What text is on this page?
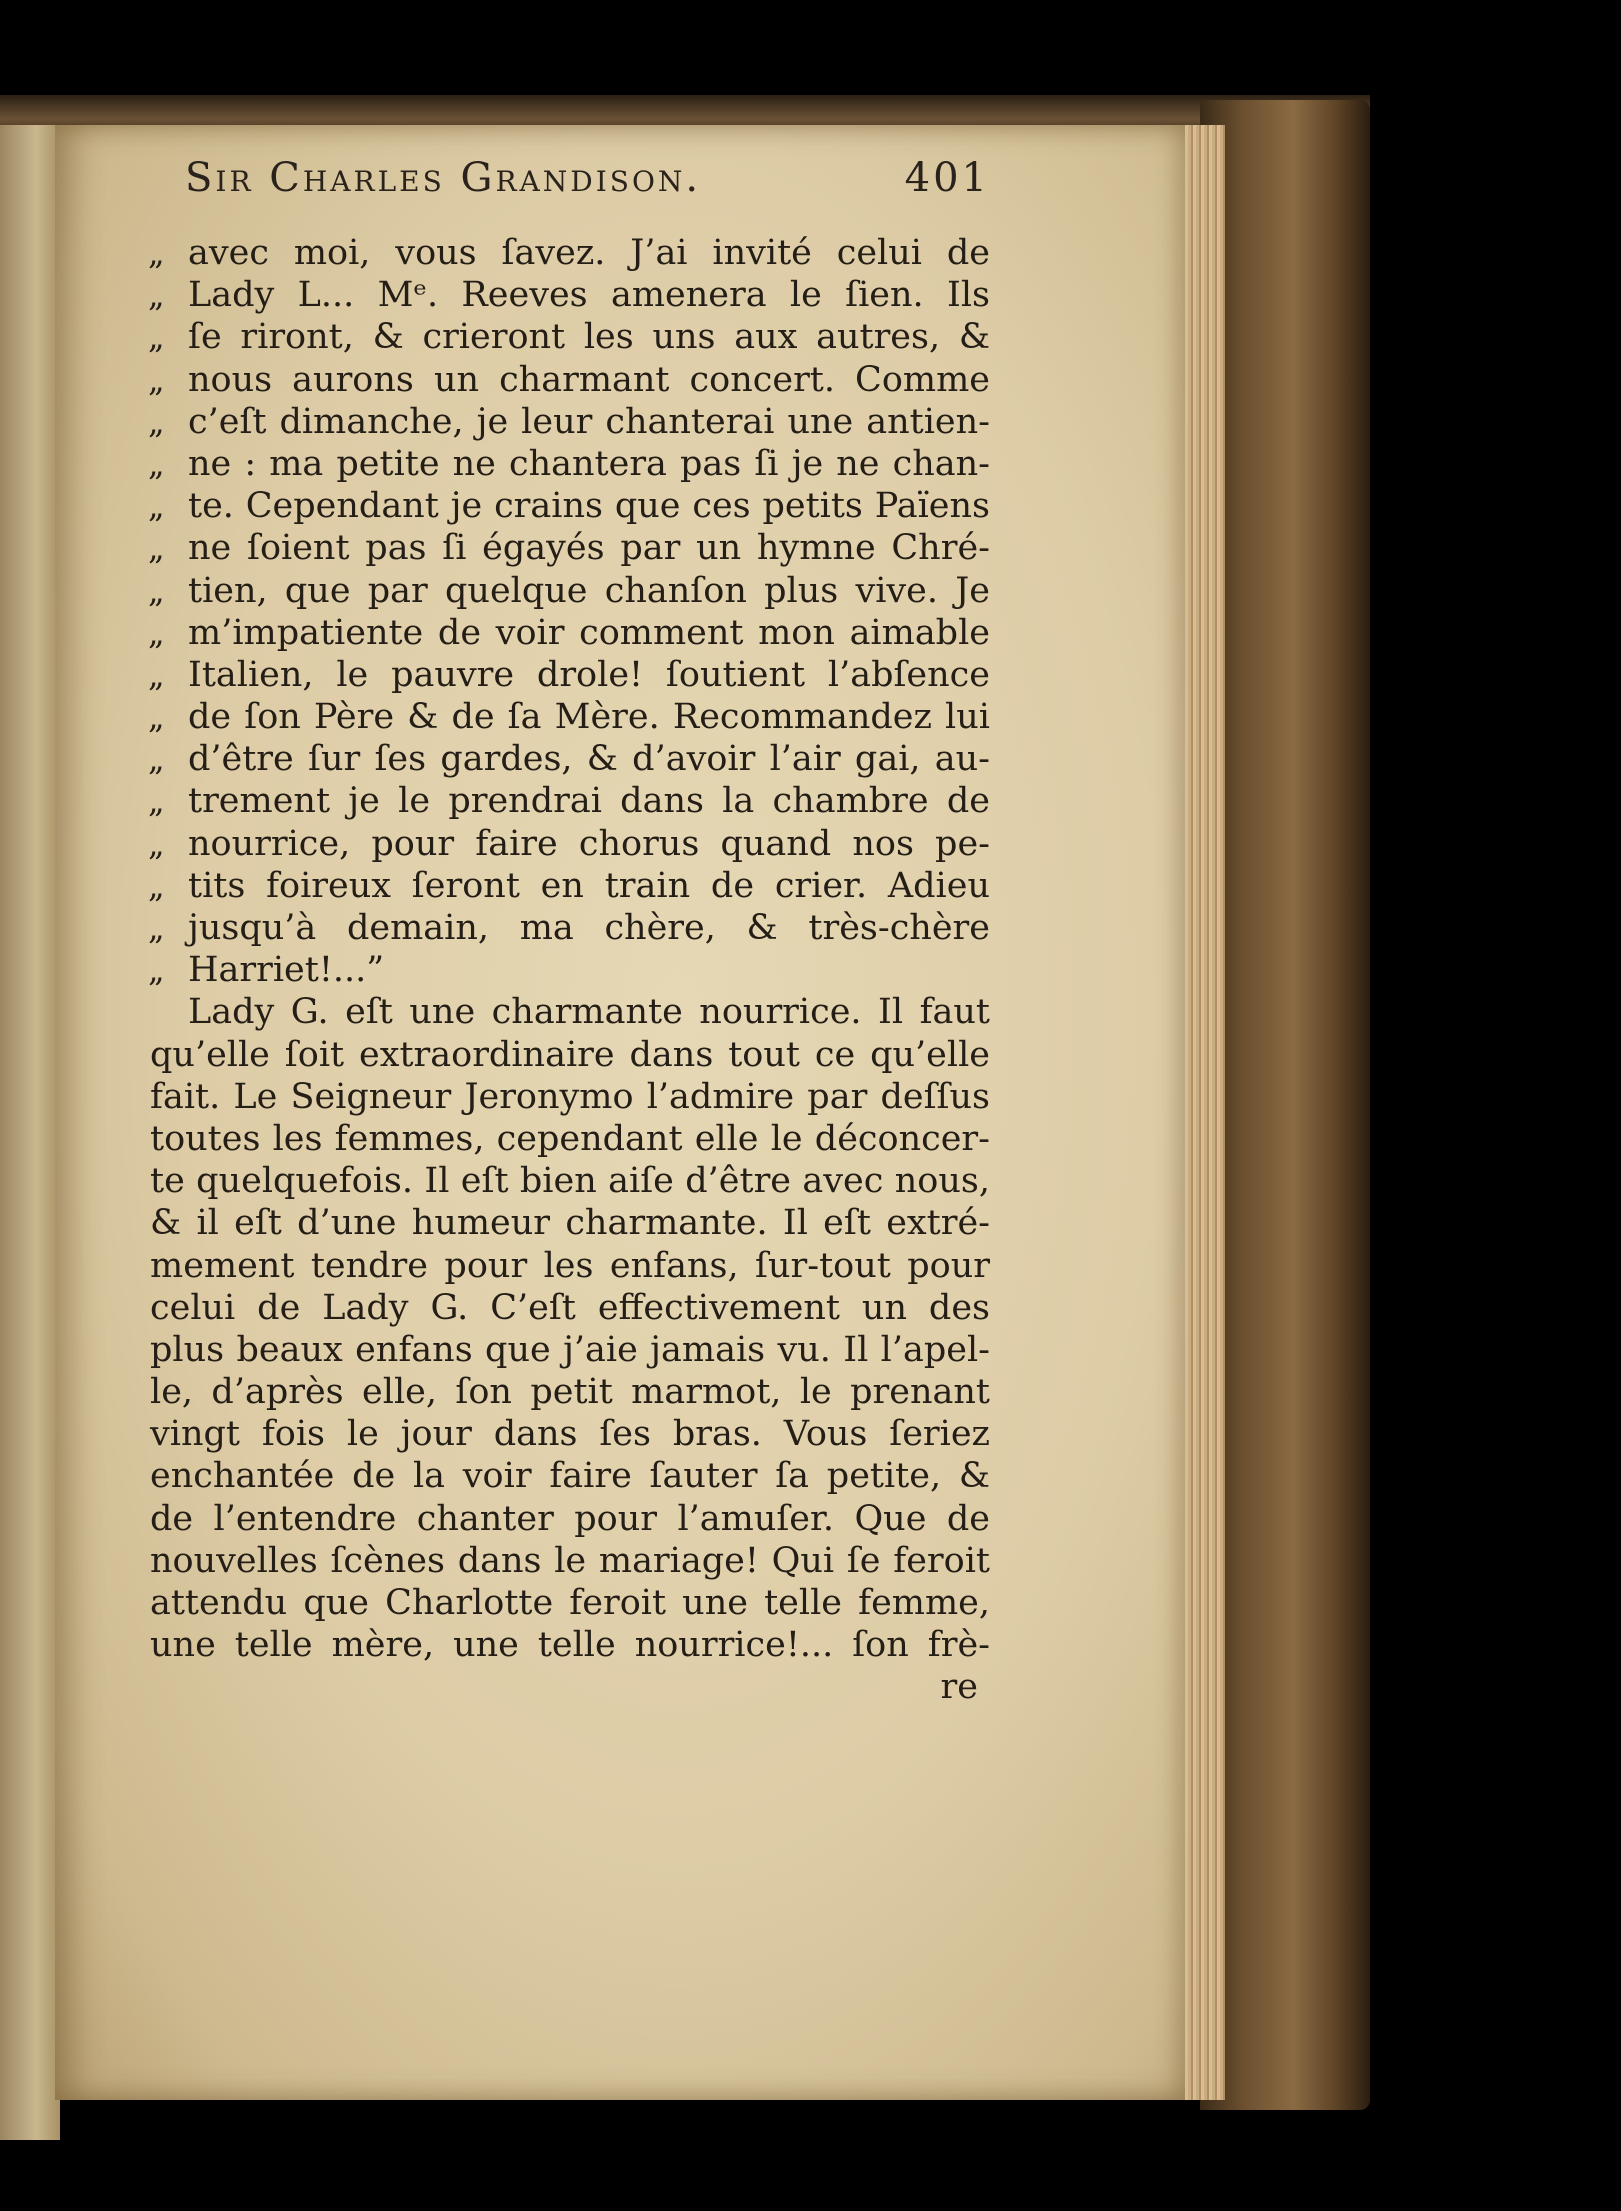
Sir Charles Grandison.	401
„ avec moi, vous ſavez. J’ai invité celui de
„ Lady L... Mᵉ. Reeves amenera le ſien. Ils
„ ſe riront, & crieront les uns aux autres, &
„ nous aurons un charmant concert. Comme
„ c’eſt dimanche, je leur chanterai une antien-
„ ne : ma petite ne chantera pas ſi je ne chan-
„ te. Cependant je crains que ces petits Païens
„ ne ſoient pas ſi égayés par un hymne Chré-
„ tien, que par quelque chanſon plus vive. Je
„ m’impatiente de voir comment mon aimable
„ Italien, le pauvre drole! ſoutient l’abſence
„ de ſon Père & de ſa Mère. Recommandez lui
„ d’être ſur ſes gardes, & d’avoir l’air gai, au-
„ trement je le prendrai dans la chambre de
„ nourrice, pour faire chorus quand nos pe-
„ tits foireux ſeront en train de crier. Adieu
„ jusqu’à demain, ma chère, & très-chère
„ Harriet!...”
Lady G. eſt une charmante nourrice. Il faut
qu’elle ſoit extraordinaire dans tout ce qu’elle
fait. Le Seigneur Jeronymo l’admire par deſſus
toutes les femmes, cependant elle le déconcer-
te quelquefois. Il eſt bien aiſe d’être avec nous,
& il eſt d’une humeur charmante. Il eſt extré-
mement tendre pour les enfans, ſur-tout pour
celui de Lady G. C’eſt effectivement un des
plus beaux enfans que j’aie jamais vu. Il l’apel-
le, d’après elle, ſon petit marmot, le prenant
vingt fois le jour dans ſes bras. Vous ſeriez
enchantée de la voir faire ſauter ſa petite, &
de l’entendre chanter pour l’amuſer. Que de
nouvelles ſcènes dans le mariage! Qui ſe feroit
attendu que Charlotte feroit une telle femme,
une telle mère, une telle nourrice!... ſon frè-
re
